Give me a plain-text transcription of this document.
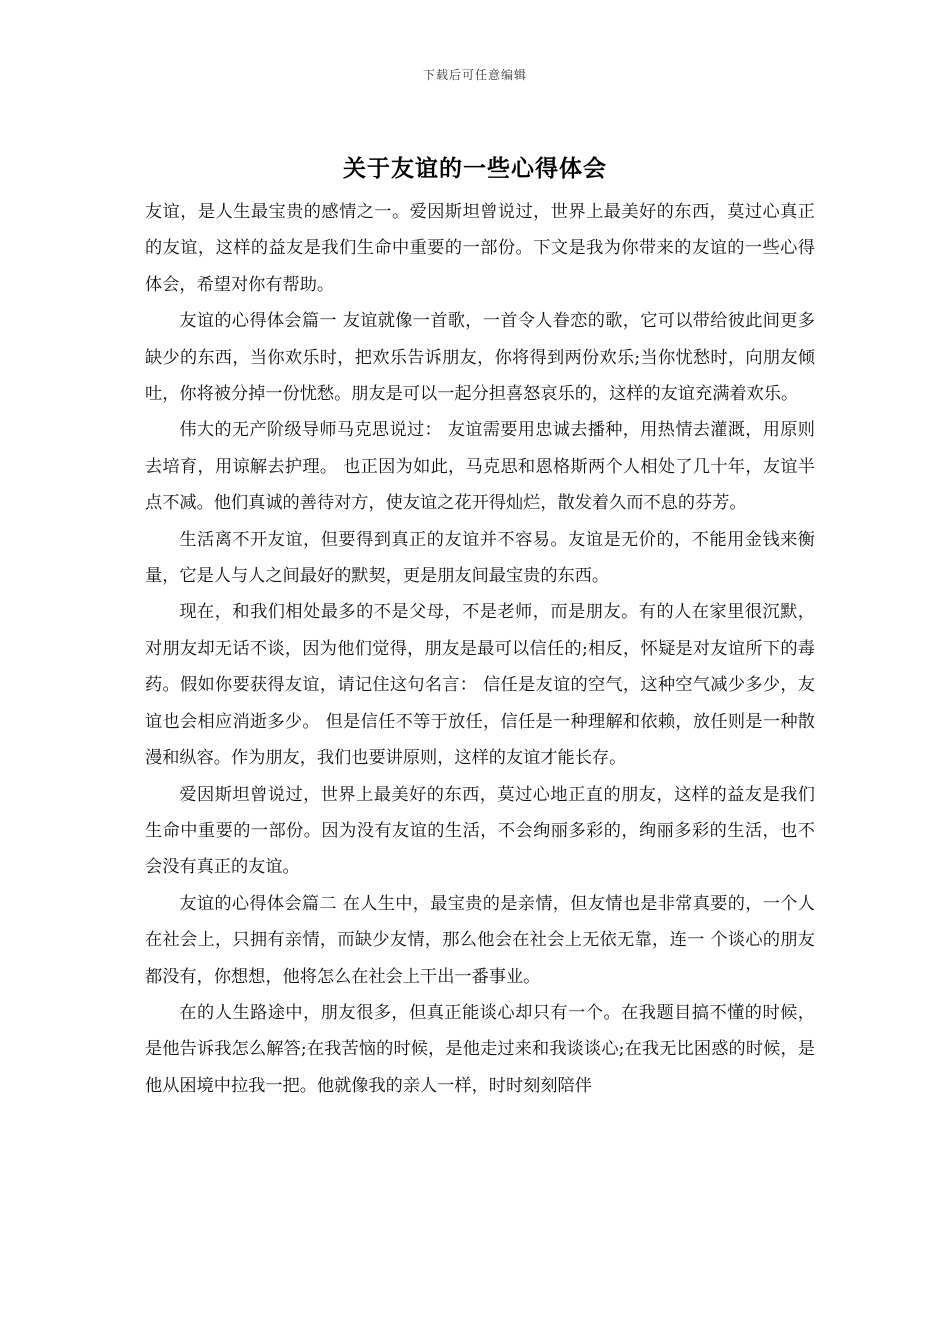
下载后可任意编辑
关于友谊的一些心得体会

友谊，是人生最宝贵的感情之一。爱因斯坦曾说过，世界上最美好的东西，莫过心真正的友谊，这样的益友是我们生命中重要的一部份。下文是我为你带来的友谊的一些心得体会，希望对你有帮助。

友谊的心得体会篇一 友谊就像一首歌，一首令人眷恋的歌，它可以带给彼此间更多缺少的东西，当你欢乐时，把欢乐告诉朋友，你将得到两份欢乐;当你忧愁时，向朋友倾吐，你将被分掉一份忧愁。朋友是可以一起分担喜怒哀乐的，这样的友谊充满着欢乐。

伟大的无产阶级导师马克思说过： 友谊需要用忠诚去播种，用热情去灌溉，用原则去培育，用谅解去护理。 也正因为如此，马克思和恩格斯两个人相处了几十年，友谊半点不减。他们真诚的善待对方，使友谊之花开得灿烂，散发着久而不息的芬芳。

生活离不开友谊，但要得到真正的友谊并不容易。友谊是无价的，不能用金钱来衡量，它是人与人之间最好的默契，更是朋友间最宝贵的东西。

现在，和我们相处最多的不是父母，不是老师，而是朋友。有的人在家里很沉默，对朋友却无话不谈，因为他们觉得，朋友是最可以信任的;相反，怀疑是对友谊所下的毒药。假如你要获得友谊，请记住这句名言： 信任是友谊的空气，这种空气减少多少，友谊也会相应消逝多少。 但是信任不等于放任，信任是一种理解和依赖，放任则是一种散漫和纵容。作为朋友，我们也要讲原则，这样的友谊才能长存。

爱因斯坦曾说过，世界上最美好的东西，莫过心地正直的朋友，这样的益友是我们生命中重要的一部份。因为没有友谊的生活，不会绚丽多彩的，绚丽多彩的生活，也不会没有真正的友谊。

友谊的心得体会篇二 在人生中，最宝贵的是亲情，但友情也是非常真要的，一个人在社会上，只拥有亲情，而缺少友情，那么他会在社会上无依无靠，连一 个谈心的朋友都没有，你想想，他将怎么在社会上干出一番事业。

在的人生路途中，朋友很多，但真正能谈心却只有一个。在我题目搞不懂的时候，是他告诉我怎么解答;在我苦恼的时候，是他走过来和我谈谈心;在我无比困惑的时候，是他从困境中拉我一把。他就像我的亲人一样，时时刻刻陪伴
